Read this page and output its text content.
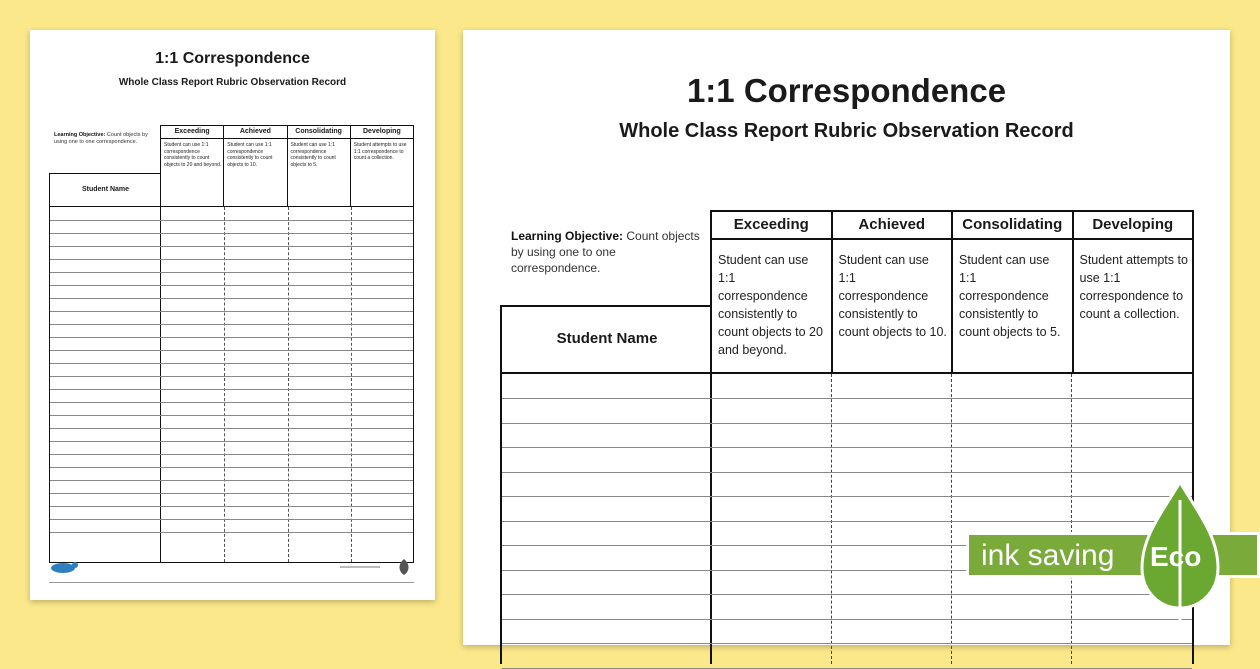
1:1 Correspondence
Whole Class Report Rubric Observation Record
Learning Objective: Count objects by using one to one correspondence.
Exceeding
Student can use 1:1 correspondence consistently to count objects to 20 and beyond.
Achieved
Student can use 1:1 correspondence consistently to count objects to 10.
Consolidating
Student can use 1:1 correspondence consistently to count objects to 5.
Developing
Student attempts to use 1:1 correspondence to count a collection.
Student Name
1:1 Correspondence
Whole Class Report Rubric Observation Record
Learning Objective: Count objects by using one to one correspondence.
Exceeding
Student can use 1:1 correspondence consistently to count objects to 20 and beyond.
Achieved
Student can use 1:1 correspondence consistently to count objects to 10.
Consolidating
Student can use 1:1 correspondence consistently to count objects to 5.
Developing
Student attempts to use 1:1 correspondence to count a collection.
Student Name
ink saving Eco
